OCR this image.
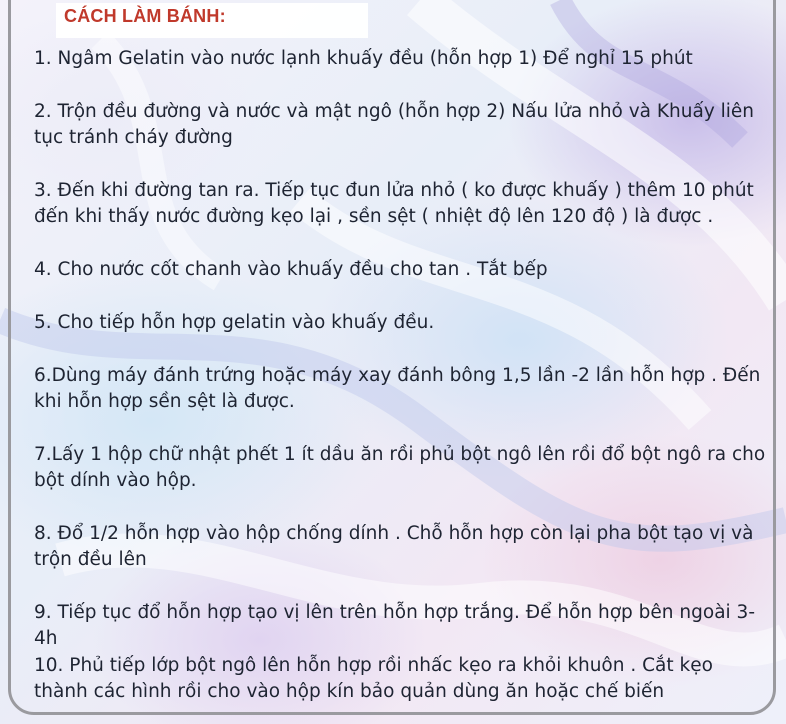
CÁCH LÀM BÁNH:
1. Ngâm Gelatin vào nước lạnh khuấy đều (hỗn hợp 1) Để nghỉ 15 phút
2. Trộn đều đường và nước và mật ngô (hỗn hợp 2) Nấu lửa nhỏ và Khuấy liên tục tránh cháy đường
3. Đến khi đường tan ra. Tiếp tục đun lửa nhỏ ( ko được khuấy ) thêm 10 phút đến khi thấy nước đường kẹo lại , sền sệt ( nhiệt độ lên 120 độ ) là được .
4. Cho nước cốt chanh vào khuấy đều cho tan . Tắt bếp
5. Cho tiếp hỗn hợp gelatin vào khuấy đều.
6.Dùng máy đánh trứng hoặc máy xay đánh bông 1,5 lần -2 lần hỗn hợp . Đến khi hỗn hợp sền sệt là được.
7.Lấy 1 hộp chữ nhật phết 1 ít dầu ăn rồi phủ bột ngô lên rồi đổ bột ngô ra cho bột dính vào hộp.
8. Đổ 1/2 hỗn hợp vào hộp chống dính . Chỗ hỗn hợp còn lại pha bột tạo vị và trộn đều lên
9. Tiếp tục đổ hỗn hợp tạo vị lên trên hỗn hợp trắng. Để hỗn hợp bên ngoài 3-4h
10. Phủ tiếp lớp bột ngô lên hỗn hợp rồi nhấc kẹo ra khỏi khuôn . Cắt kẹo thành các hình rồi cho vào hộp kín bảo quản dùng ăn hoặc chế biến
